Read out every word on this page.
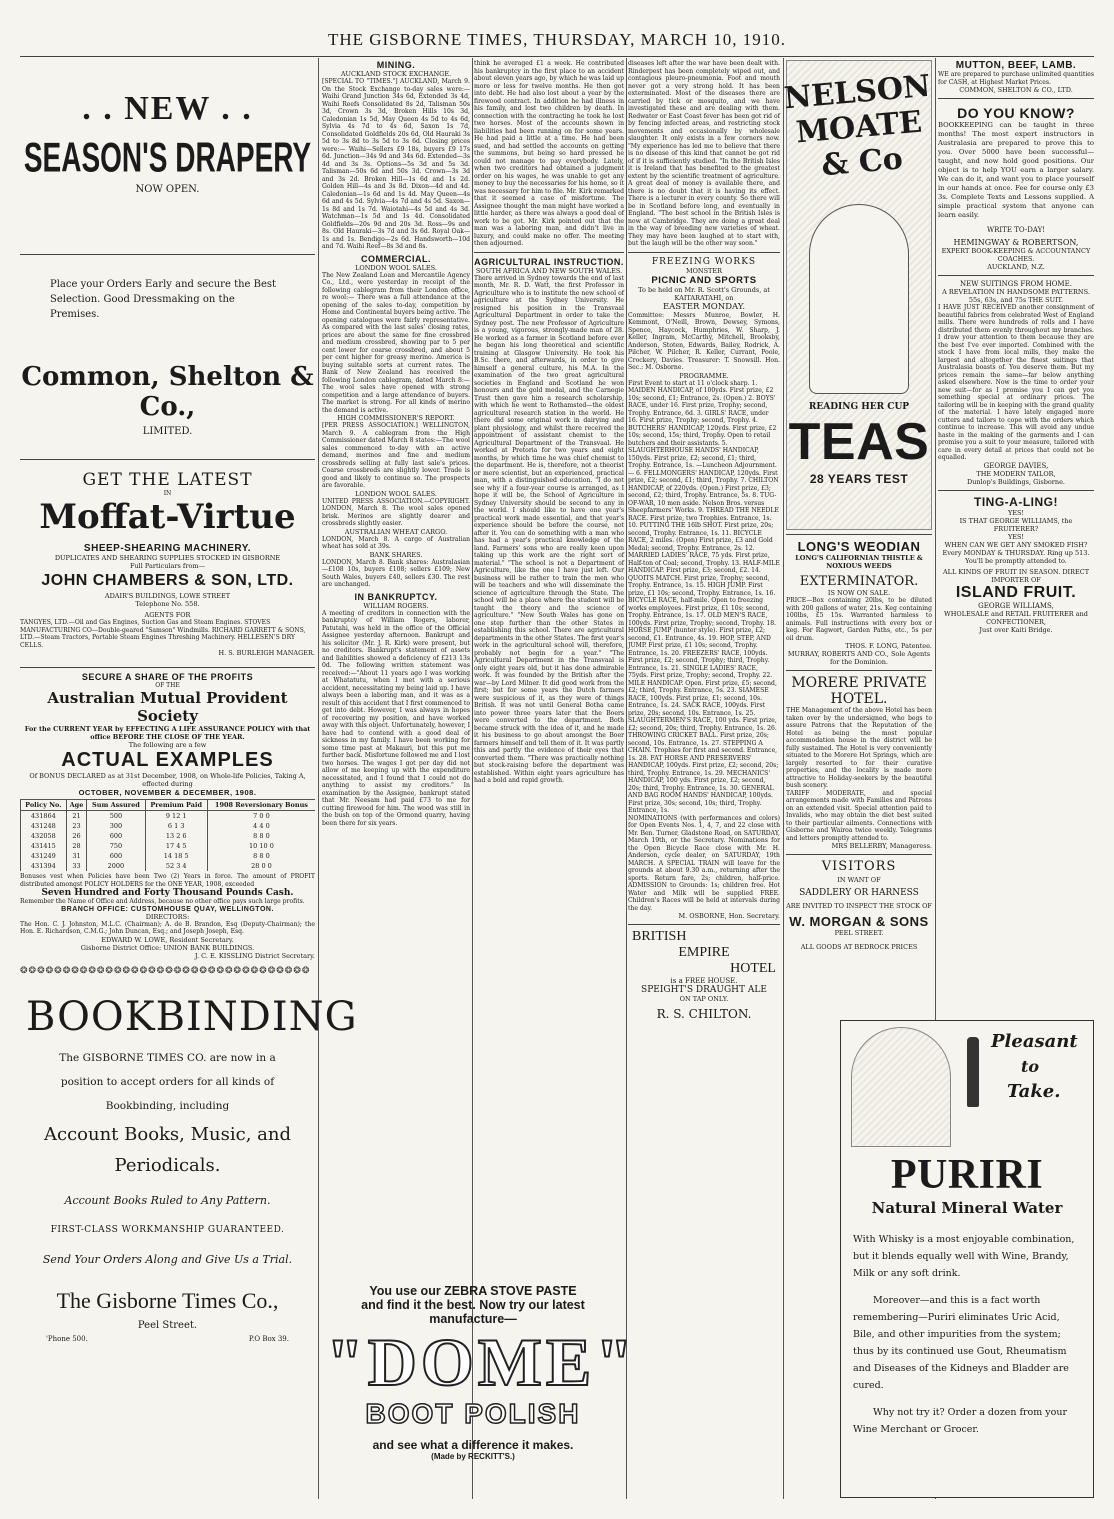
THE GISBORNE TIMES, THURSDAY, MARCH 10, 1910.
. . NEW . .
SEASON'S DRAPERY
NOW OPEN.
Place your Orders Early and secure the Best Selection. Good Dressmaking on the Premises.
Common, Shelton & Co.,
LIMITED.
GET THE LATEST
IN
Moffat-Virtue
SHEEP-SHEARING MACHINERY.
DUPLICATES AND SHEARING SUPPLIES STOCKED IN GISBORNE
Full Particulars from—
JOHN CHAMBERS & SON, LTD.
ADAIR'S BUILDINGS, LOWE STREET
Telephone No. 558.
AGENTS FOR
TANGYES, LTD.—Oil and Gas Engines, Suction Gas and Steam Engines. STOVES MANUFACTURING CO—Double-geared "Samson" Windmills. RICHARD GARRETT & SONS, LTD.—Steam Tractors, Portable Steam Engines Threshing Machinery. HELLESEN'S DRY CELLS.
H. S. BURLEIGH MANAGER.
SECURE A SHARE OF THE PROFITS
OF THE
Australian Mutual Provident Society
For the CURRENT YEAR by EFFECTING A LIFE ASSURANCE POLICY with that office BEFORE THE CLOSE OF THE YEAR.
The following are a few
ACTUAL EXAMPLES
Of BONUS DECLARED as at 31st December, 1908, on Whole-life Policies, Taking A, effected during
OCTOBER, NOVEMBER & DECEMBER, 1908.
Policy No.	Age	Sum Assured	Premium Paid	1908 Reversionary Bonus
431864	21	500	9 12 1	7 0 0
431248	23	300	6 1 3	4 4 0
432058	26	600	13 2 6	8 8 0
431415	28	750	17 4 5	10 10 0
431249	31	600	14 18 5	8 8 0
431394	33	2000	52 3 4	28 0 0
Bonuses vest when Policies have been Two (2) Years in force. The amount of PROFIT distributed amongst POLICY HOLDERS for the ONE YEAR, 1908, exceeded
Seven Hundred and Forty Thousand Pounds Cash.
Remember the Name of Office and Address, because no other office pays such large profits.
BRANCH OFFICE: CUSTOMHOUSE QUAY, WELLINGTON.
DIRECTORS:
The Hon. C. J. Johnston, M.L.C. (Chairman); A. de B. Brandon, Esq (Deputy-Chairman); the Hon. E. Richardson, C.M.G.; John Duncan, Esq.; and Joseph Joseph, Esq.
EDWARD W. LOWE, Resident Secretary.
Gisborne District Office: UNION BANK BUILDINGS.
J. C. E. KISSLING District Secretary.
❂❂❂❂❂❂❂❂❂❂❂❂❂❂❂❂❂❂❂❂❂❂❂❂❂❂❂❂❂❂❂❂❂❂
BOOKBINDING
The GISBORNE TIMES CO. are now in a
position to accept orders for all kinds of
Bookbinding, including
Account Books, Music, and
Periodicals.
Account Books Ruled to Any Pattern.
FIRST-CLASS WORKMANSHIP GUARANTEED.
Send Your Orders Along and Give Us a Trial.
The Gisborne Times Co.,
Peel Street.
'Phone 500.	P.O Box 39.
MINING.
AUCKLAND STOCK EXCHANGE.
[SPECIAL TO "TIMES."] AUCKLAND, March 9. On the Stock Exchange to-day sales were:—Waihi Grand Junction 34s 6d, Extended 3s 4d, Waihi Reefs Consolidated 8s 2d, Talisman 50s 3d, Crown 3s 3d, Broken Hills 10s 3d, Caledonian 1s 5d, May Queen 4s 5d to 4s 6d, Sylvia 4s 7d to 4s 6d, Saxon 1s 7d, Consolidated Goldfields 20s 6d, Old Hauraki 3s 5d to 3s 8d to 3s 5d to 3s 6d. Closing prices were:— Waihi—Sellers £9 18s, buyers £9 17s 6d. Junction—34s 9d and 34s 6d. Extended—3s 4d and 3s 3s. Options—5s 3d and 5s 3d. Talisman—50s 6d and 50s 3d. Crown—3s 3d and 3s 2d. Broken Hill—1s 6d and 1s 2d. Golden Hill—4s and 3s 8d. Dixon—4d and 4d. Caledonian—1s 6d and 1s 4d. May Queen—4s 6d and 4s 5d. Sylvia—4s 7d and 4s 5d. Saxon—1s 8d and 1s 7d. Waiotahi—4s 5d and 4s 3d. Watchman—1s 5d and 1s 4d. Consolidated Goldfields—20s 9d and 20s 3d. Ross—9s and 8s. Old Hauraki—3s 7d and 3s 6d. Royal Oak—1s and 1s. Bendigo—2s 6d. Handsworth—10d and 7d. Waihi Reef—8s 3d and 8s.
COMMERCIAL.
LONDON WOOL SALES.
The New Zealand Loan and Mercantile Agency Co., Ltd., were yesterday in receipt of the following cablegram from their London office, re wool:— There was a full attendance at the opening of the sales to-day, competition by Home and Continental buyers being active. The opening catalogues were fairly representative. As compared with the last sales' closing rates, prices are about the same for fine crossbred and medium crossbred, showing par to 5 per cent lower for coarse crossbred, and about 5 per cent higher for greasy merino. America is buying suitable sorts at current rates. The Bank of New Zealand has received the following London cablegram, dated March 8:—The wool sales have opened with strong competition and a large attendance of buyers. The market is strong. For all kinds of merino the demand is active.
HIGH COMMISSIONER'S REPORT.
[PER PRESS ASSOCIATION.] WELLINGTON, March 9. A cablegram from the High Commissioner dated March 8 states:—The wool sales commenced to-day with an active demand, merinos and fine and medium crossbreds selling at fully last sale's prices. Coarse crossbreds are slightly lower. Trade is good and likely to continue so. The prospects are favorable.
LONDON WOOL SALES.
UNITED PRESS ASSOCIATION.—COPYRIGHT. LONDON, March 8. The wool sales opened brisk. Merinos are slightly dearer and crossbreds slightly easier.
AUSTRALIAN WHEAT CARGO.
LONDON, March 8. A cargo of Australian wheat has sold at 39s.
BANK SHARES.
LONDON, March 8. Bank shares: Australasian—£108 10s, buyers £108; sellers £109; New South Wales, buyers £40, sellers £30. The rest are unchanged.
IN BANKRUPTCY.
WILLIAM ROGERS.
A meeting of creditors in connection with the bankruptcy of William Rogers, laborer, Patutahi, was held in the office of the Official Assignee yesterday afternoon. Bankrupt and his solicitor (Mr. J. R. Kirk) were present, but no creditors. Bankrupt's statement of assets and liabilities showed a deficiency of £213 13s 0d. The following written statement was received:—"About 11 years ago I was working at Whatatutu, when I met with a serious accident, necessitating my being laid up. I have always been a laboring man, and it was as a result of this accident that I first commenced to get into debt. However, I was always in hopes of recovering my position, and have worked away with this object. Unfortunately, however, I have had to contend with a good deal of sickness in my family. I have been working for some time past at Makauri, but this put me further back. Misfortune followed me and I lost two horses. The wages I got per day did not allow of me keeping up with the expenditure necessitated, and I found that I could not do anything to assist my creditors." In examination by the Assignee, bankrupt stated that Mr. Neesam had paid £73 to me for cutting firewood for him. The wood was still in the bush on top of the Ormond quarry, having been there for six years.
think he averaged £1 a week. He contributed his bankruptcy in the first place to an accident about eleven years ago, by which he was laid up more or less for twelve months. He then got into debt. He had also lost about a year by the firewood contract. In addition he had illness in his family, and lost two children by death. In connection with the contracting he took he lost two horses. Most of the accounts shown in liabilities had been running on for some years. He had paid a little at a time. He had been sued, and had settled the accounts on getting the summons, but being so hard pressed he could not manage to pay everybody. Lately, when two creditors had obtained a judgment order on his wages, he was unable to get any money to buy the necessaries for his home, so it was necessary for him to file. Mr. Kirk remarked that it seemed a case of misfortune. The Assignee thought the man might have worked a little harder, as there was always a good deal of work to be got. Mr. Kirk pointed out that the man was a laboring man, and didn't live in luxury, and could make no offer. The meeting then adjourned.
AGRICULTURAL INSTRUCTION.
SOUTH AFRICA AND NEW SOUTH WALES.
There arrived in Sydney towards the end of last month, Mr. R. D. Watt, the first Professor in Agriculture who is to institute the new school of agriculture at the Sydney University. He resigned his position in the Transvaal Agricultural Department in order to take the Sydney post. The new Professor of Agriculture is a young, vigorous, strongly-made man of 28. He worked as a farmer in Scotland before ever he began his long theoretical and scientific training at Glasgow University. He took his B.Sc. there, and afterwards, in order to give himself a general culture, his M.A. In the examination of the two great agricultural societies in England and Scotland he won honours and the gold medal, and the Carnegie Trust then gave him a research scholarship, with which he went to Rothamsted—the oldest agricultural research station in the world. He there did some original work in dairying and plant physiology, and whilst there received the appointment of assistant chemist to the Agricultural Department of the Transvaal. He worked at Pretoria for two years and eight months, by which time he was chief chemist to the department. He is, therefore, not a theorist or mere scientist, but an experienced, practical man, with a distinguished education. "I do not see why if a four-year course is arranged, as I hope it will be, the School of Agriculture in Sydney University should be second to any in the world. I should like to have one year's practical work made essential, and that year's experience should be before the course, not after it. You can do something with a man who has had a year's practical knowledge of the land. Farmers' sons who are really keen upon taking up this work are the right sort of material." "The school is not a Department of Agriculture, like the one I have just left. Our business will be rather to train the men who will be teachers and who will disseminate the science of agriculture through the State. The school will be a place where the student will be taught the theory and the science of agriculture." "New South Wales has gone on one step further than the other States in establishing this school. There are agricultural departments in the other States. The first year's work in the agricultural school will, therefore, probably not begin for a year." "The Agricultural Department in the Transvaal is only eight years old, but it has done admirable work. It was founded by the British after the war—by Lord Milner. It did good work from the first; but for some years the Dutch farmers were suspicious of it, as they were of things British. It was not until General Botha came into power three years later that the Boers were converted to the department. Both became struck with the idea of it, and he made it his business to go about amongst the Boer farmers himself and tell them of it. It was partly this and partly the evidence of their eyes that converted them. "There was practically nothing but stock-raising before the department was established. Within eight years agriculture has had a bold and rapid growth.
You use our ZEBRA STOVE PASTE
and find it the best. Now try our latest
manufacture—
"DOME"
BOOT POLISH
and see what a difference it makes.
(Made by RECKITT'S.)
diseases left after the war have been dealt with. Rinderpest has been completely wiped out, and contagious pleuro-pneumonia. Foot and mouth never got a very strong hold. It has been exterminated. Most of the diseases there are carried by tick or mosquito, and we have investigated these and are dealing with them. Redwater or East Coast fever has been got rid of by fencing infected areas, and restricting stock movements and occasionally by wholesale slaughter. It only exists in a few corners now. "My experience has led me to believe that there is no disease of this kind that cannot be got rid of if it is sufficiently studied. "In the British Isles it is Ireland that has benefited to the greatest extent by the scientific treatment of agriculture. A great deal of money is available there, and there is no doubt that it is having its effect. There is a lecturer in every county. So there will be in Scotland before long, and eventually in England. "The best school in the British Isles is now at Cambridge. They are doing a great deal in the way of breeding new varieties of wheat. They may have been laughed at to start with, but the laugh will be the other way soon."
FREEZING WORKS
MONSTER
PICNIC AND SPORTS
To be held on Mr. R. Scott's Grounds, at KAITARATAHI, on
EASTER MONDAY.
Committee: Messrs Munroe, Bowler, H. Kemmont, O'Neill, Brown, Dewsey, Symons, Spence, Haycock, Humphries, W. Sharp, J. Keller, Ingram, McCarthy, Mitchell, Brooksby, Anderson, Stoten, Edwards, Bailey, Rodrick, A. Pilcher, W. Pilcher, R. Keller, Currant, Poole, Crockery, Davies. Treasurer: T. Snowsill. Hon. Sec.: M. Osborne.
PROGRAMME.
First Event to start at 11 o'clock sharp. 1. MAIDEN HANDICAP, of 100yds. First prize, £2 10s; second, £1; Entrance, 2s. (Open.) 2. BOYS' RACE, under 16. First prize, Trophy; second, Trophy. Entrance, 6d. 3. GIRLS' RACE, under 16. First prize, Trophy; second, Trophy. 4. BUTCHERS' HANDICAP, 120yds. First prize, £2 10s; second, 15s; third, Trophy. Open to retail butchers and their assistants. 5. SLAUGHTERHOUSE HANDS' HANDICAP, 150yds. First prize, £2; second, £1; third, Trophy. Entrance, 1s. —Luncheon Adjournment.— 6. FELLMONGERS' HANDICAP, 120yds. First prize, £2; second, £1; third, Trophy. 7. CHILTON HANDICAP, of 220yds. (Open.) First prize, £3; second, £2; third, Trophy. Entrance, 5s. 8. TUG-OF-WAR, 10 men aside. Nelson Bros. versus Sheepfarmers' Works. 9. THREAD THE NEEDLE RACE. First prize, two Trophies. Entrance, 1s. 10. PUTTING THE 16lb SHOT. First prize, 20s; second, Trophy. Entrance, 1s. 11. BICYCLE RACE, 2 miles. (Open) First prize, £3 and Gold Medal; second, Trophy. Entrance, 2s. 12. MARRIED LADIES' RACE, 75 yds. First prize, Half-ton of Coal; second, Trophy. 13. HALF-MILE HANDICAP. First prize, £3; second, £2. 14. QUOITS MATCH. First prize, Trophy; second, Trophy. Entrance, 1s. 15. HIGH JUMP. First prize, £1 10s; second, Trophy. Entrance, 1s. 16. BICYCLE RACE, half-mile. Open to freezing works employees. First prize, £1 10s; second, Trophy. Entrance, 1s. 17. OLD MEN'S RACE, 100yds. First prize, Trophy; second, Trophy. 18. HORSE JUMP (hunter style). First prize, £2; second, £1. Entrance, 4s. 19. HOP, STEP, AND JUMP. First prize, £1 10s; second, Trophy. Entrance, 1s. 20. FREEZERS' RACE, 100yds. First prize, £2; second, Trophy; third, Trophy. Entrance, 1s. 21. SINGLE LADIES' RACE, 75yds. First prize, Trophy; second, Trophy. 22. MILE HANDICAP. Open. First prize, £5; second, £2; third, Trophy. Entrance, 5s. 23. SIAMESE RACE, 100yds. First prize, £1; second, 10s. Entrance, 1s. 24. SACK RACE, 100yds. First prize, 20s; second, 10s. Entrance, 1s. 25. SLAUGHTERMEN'S RACE, 100 yds. First prize, £2; second, 20s; third, Trophy. Entrance, 1s. 26. THROWING CRICKET BALL. First prize, 20s; second, 10s. Entrance, 1s. 27. STEPPING A CHAIN. Trophies for first and second. Entrance, 1s. 28. FAT HORSE AND PRESERVERS' HANDICAP, 100yds. First prize, £2; second, 20s; third, Trophy. Entrance, 1s. 29. MECHANICS' HANDICAP, 100 yds. First prize, £2; second, 20s; third, Trophy. Entrance, 1s. 30. GENERAL AND BAG ROOM HANDS' HANDICAP, 100yds. First prize, 30s; second, 10s; third, Trophy. Entrance, 1s.
NOMINATIONS (with performances and colors) for Open Events Nos. 1, 4, 7, and 22 close with Mr. Ben. Turner, Gladstone Road, on SATURDAY, March 19th, or the Secretary. Nominations for the Open Bicycle Race close with Mr. H. Anderson, cycle dealer, on SATURDAY, 19th MARCH. A SPECIAL TRAIN will leave for the grounds at about 9.30 a.m., returning after the sports. Return fare, 2s; children, half-price. ADMISSION to Grounds: 1s; children free. Hot Water and Milk will be supplied FREE. Children's Races will be held at intervals during the day.
M. OSBORNE, Hon. Secretary.
BRITISH
EMPIRE
HOTEL
is a FREE HOUSE.
SPEIGHT'S DRAUGHT ALE
ON TAP ONLY.
R. S. CHILTON.
NELSON MOATE & Co
READING HER CUP
TEAS
28 YEARS TEST
LONG'S WEODIAN
LONG'S CALIFORNIAN THISTLE & NOXIOUS WEEDS
EXTERMINATOR.
IS NOW ON SALE.
PRICE—Box containing 20lbs, to be diluted with 200 gallons of water, 21s. Keg containing 100lbs, £5 15s. Warranted harmless to animals. Full instructions with every box or keg. For Ragwort, Garden Paths, etc., 5s per oil drum.
THOS. F. LONG, Patentee.
MURRAY, ROBERTS AND CO., Sole Agents for the Dominion.
MORERE PRIVATE HOTEL.
THE Management of the above Hotel has been taken over by the undersigned, who begs to assure Patrons that the Reputation of the Hotel as being the most popular accommodation house in the district will be fully sustained. The Hotel is very conveniently situated to the Morere Hot Springs, which are largely resorted to for their curative properties, and the locality is made more attractive to Holiday-seekers by the beautiful bush scenery.
TARIFF MODERATE, and special arrangements made with Families and Patrons on an extended visit. Special attention paid to Invalids, who may obtain the diet best suited to their particular ailments. Connections with Gisborne and Wairoa twice weekly. Telegrams and letters promptly attended to.
MRS BELLERBY, Manageress.
VISITORS
IN WANT OF
SADDLERY OR HARNESS
ARE INVITED TO INSPECT THE STOCK OF
W. MORGAN & SONS
PEEL STREET.
ALL GOODS AT BEDROCK PRICES
MUTTON, BEEF, LAMB.
WE are prepared to purchase unlimited quantities for CASH, at Highest Market Prices.
COMMON, SHELTON & CO., LTD.
DO YOU KNOW?
BOOKKEEPING can be taught in three months! The most expert instructors in Australasia are prepared to prove this to you. Over 5000 have been successful—taught, and now hold good positions. Our object is to help YOU earn a larger salary. We can do it, and want you to place yourself in our hands at once. Fee for course only £3 3s. Complete Texts and Lessons supplied. A simple practical system that anyone can learn easily.
WRITE TO-DAY!
HEMINGWAY & ROBERTSON,
EXPERT BOOK-KEEPING & ACCOUNTANCY COACHES.
AUCKLAND, N.Z.
NEW SUITINGS FROM HOME.
A REVELATION IN HANDSOME PATTERNS.
55s, 63s, and 75s THE SUIT.
I HAVE JUST RECEIVED another consignment of beautiful fabrics from celebrated West of England mills. There were hundreds of rolls and I have distributed them evenly throughout my branches. I draw your attention to them because they are the best I've ever imported. Combined with the stock I have from local mills, they make the largest and altogether the finest suitings that Australasia boasts of. You deserve them. But my prices remain the same—far below anything asked elsewhere. Now is the time to order your new suit—for as I promise you I can get you something special at ordinary prices. The tailoring will be in keeping with the grand quality of the material. I have lately engaged more cutters and tailors to cope with the orders which continue to increase. This will avoid any undue haste in the making of the garments and I can promise you a suit to your measure, tailored with care in every detail at prices that could not be equalled.
GEORGE DAVIES,
THE MODERN TAILOR,
Dunlop's Buildings, Gisborne.
TING-A-LING!
YES!
IS THAT GEORGE WILLIAMS, the FRUITERER?
YES!
WHEN CAN WE GET ANY SMOKED FISH?
Every MONDAY & THURSDAY. Ring up 513. You'll be promptly attended to.
ALL KINDS OF FRUIT IN SEASON. DIRECT IMPORTER OF
ISLAND FRUIT.
GEORGE WILLIAMS,
WHOLESALE and RETAIL FRUITERER and CONFECTIONER,
Just over Kaiti Bridge.
Pleasant
to
Take.
PURIRI
Natural Mineral Water
With Whisky is a most enjoyable combination, but it blends equally well with Wine, Brandy, Milk or any soft drink.
Moreover—and this is a fact worth remembering—Puriri eliminates Uric Acid, Bile, and other impurities from the system; thus by its continued use Gout, Rheumatism and Diseases of the Kidneys and Bladder are cured.
Why not try it? Order a dozen from your Wine Merchant or Grocer.
